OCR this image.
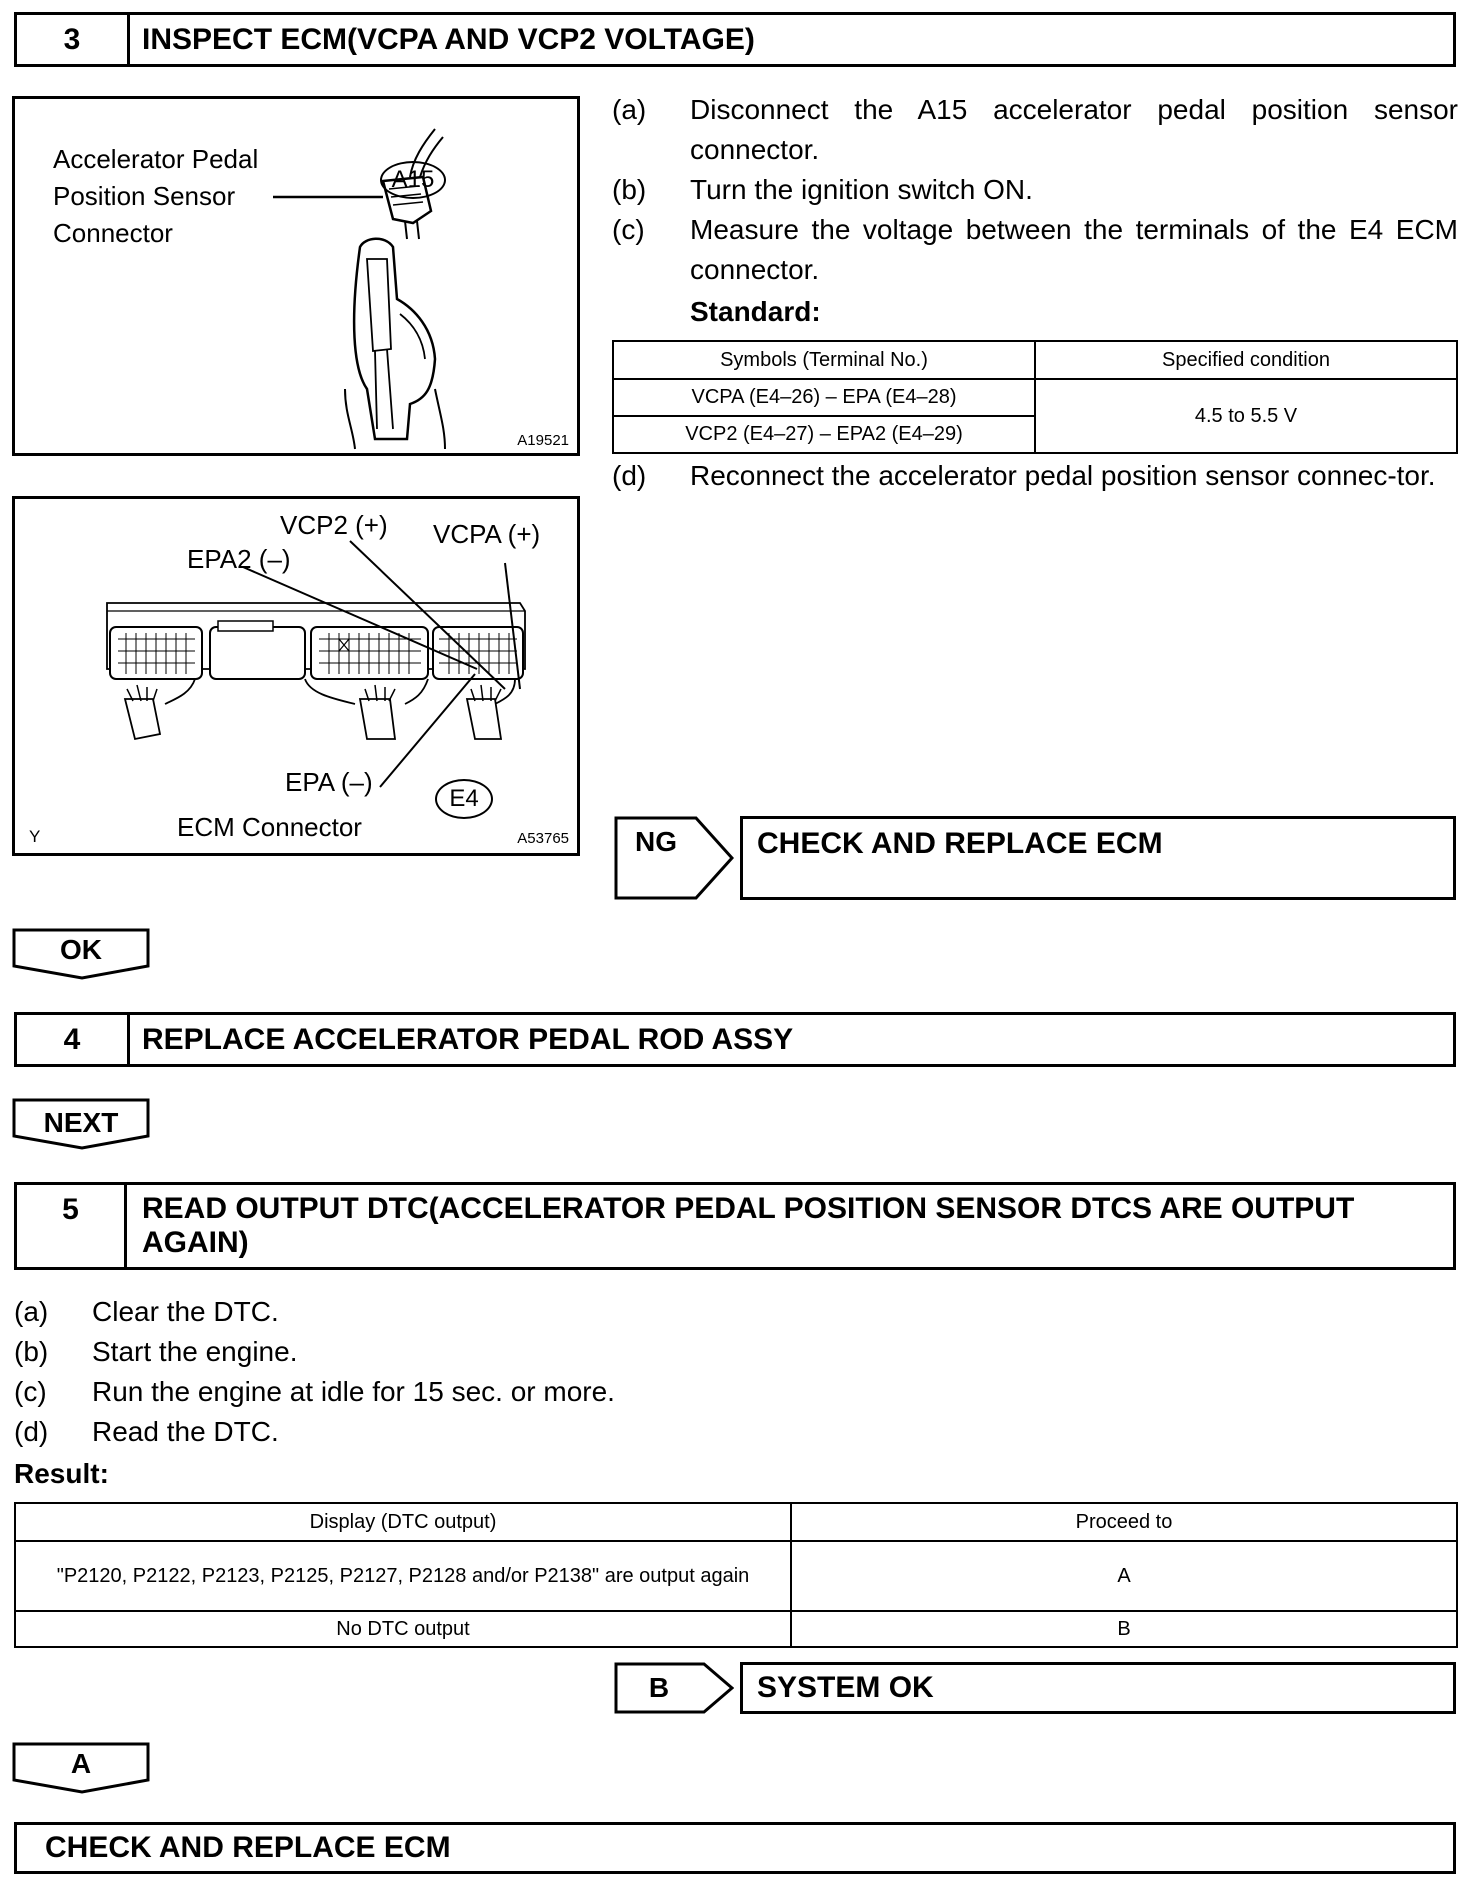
3	INSPECT ECM(VCPA AND VCP2 VOLTAGE)
Accelerator Pedal
Position Sensor
Connector
A15
A19521
VCP2 (+) VCPA (+)
EPA2 (–)
EPA (–)
E4
ECM Connector
Y	A53765
(a) Disconnect the A15 accelerator pedal position sensor connector.
(b) Turn the ignition switch ON.
(c) Measure the voltage between the terminals of the E4 ECM connector.
Standard:
Symbols (Terminal No.)	Specified condition
VCPA (E4–26) – EPA (E4–28)	4.5 to 5.5 V
VCP2 (E4–27) – EPA2 (E4–29)	
(d) Reconnect the accelerator pedal position sensor connec-tor.
NG	CHECK AND REPLACE ECM
OK
4	REPLACE ACCELERATOR PEDAL ROD ASSY
NEXT
5	READ OUTPUT DTC(ACCELERATOR PEDAL POSITION SENSOR DTCS ARE OUTPUT AGAIN)
(a) Clear the DTC.
(b) Start the engine.
(c) Run the engine at idle for 15 sec. or more.
(d) Read the DTC.
Result:
Display (DTC output)	Proceed to
"P2120, P2122, P2123, P2125, P2127, P2128 and/or P2138" are output again	A
No DTC output	B
B	SYSTEM OK
A
CHECK AND REPLACE ECM
